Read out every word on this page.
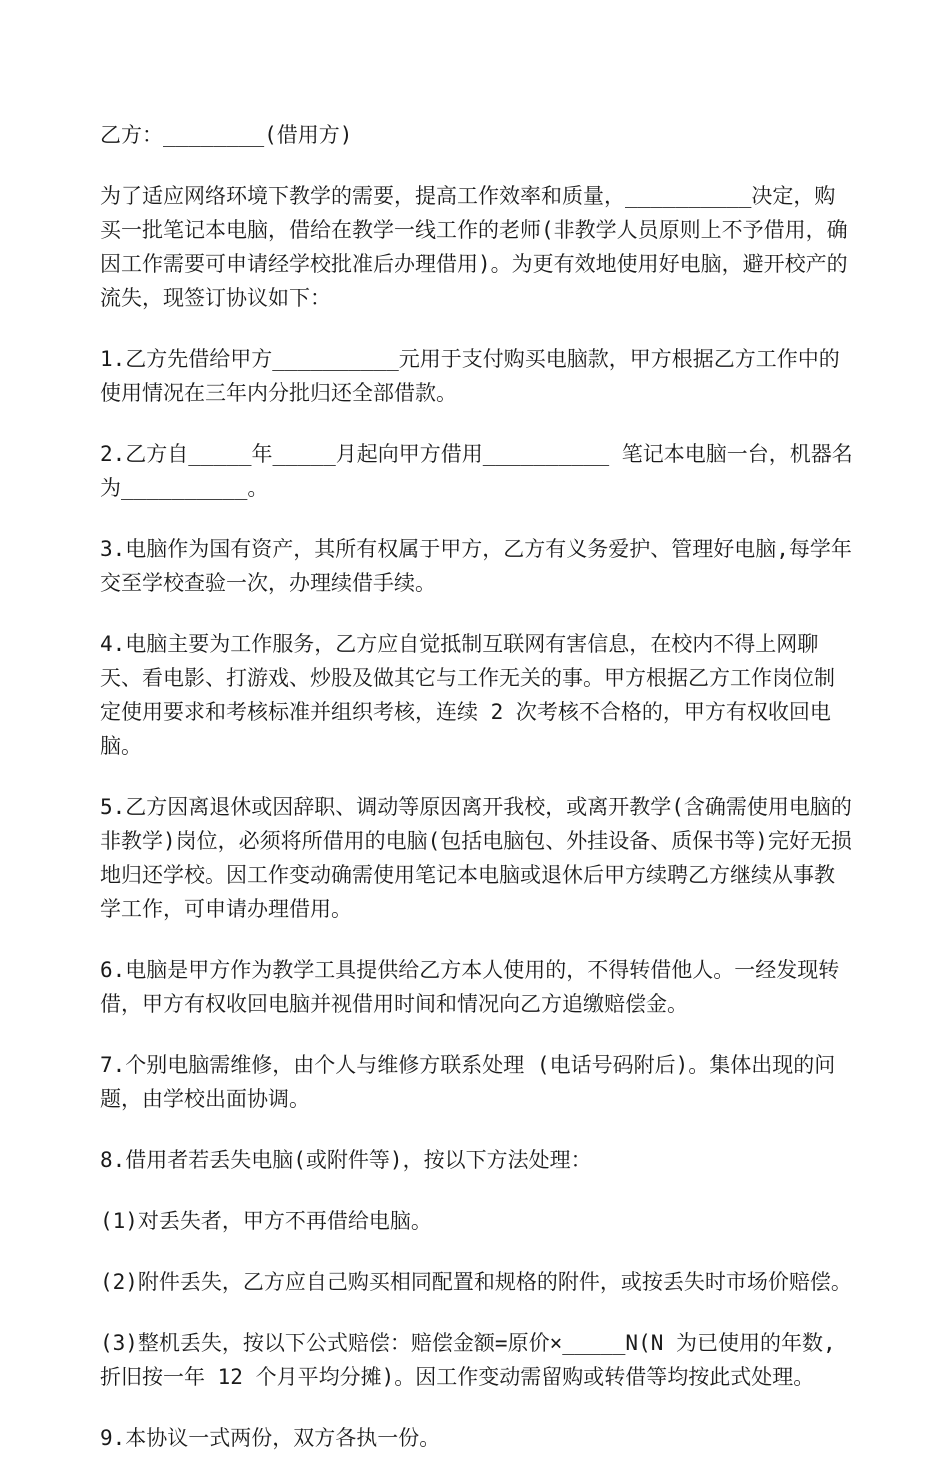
乙方：________(借用方)

为了适应网络环境下教学的需要，提高工作效率和质量，__________决定，购买一批笔记本电脑，借给在教学一线工作的老师(非教学人员原则上不予借用，确因工作需要可申请经学校批准后办理借用)。为更有效地使用好电脑，避开校产的流失，现签订协议如下：

1.乙方先借给甲方__________元用于支付购买电脑款，甲方根据乙方工作中的使用情况在三年内分批归还全部借款。

2.乙方自_____年_____月起向甲方借用__________ 笔记本电脑一台，机器名为__________。

3.电脑作为国有资产，其所有权属于甲方，乙方有义务爱护、管理好电脑,每学年交至学校查验一次，办理续借手续。

4.电脑主要为工作服务，乙方应自觉抵制互联网有害信息，在校内不得上网聊天、看电影、打游戏、炒股及做其它与工作无关的事。甲方根据乙方工作岗位制定使用要求和考核标准并组织考核，连续 2 次考核不合格的，甲方有权收回电脑。

5.乙方因离退休或因辞职、调动等原因离开我校，或离开教学(含确需使用电脑的非教学)岗位，必须将所借用的电脑(包括电脑包、外挂设备、质保书等)完好无损地归还学校。因工作变动确需使用笔记本电脑或退休后甲方续聘乙方继续从事教学工作，可申请办理借用。

6.电脑是甲方作为教学工具提供给乙方本人使用的，不得转借他人。一经发现转借，甲方有权收回电脑并视借用时间和情况向乙方追缴赔偿金。

7.个别电脑需维修，由个人与维修方联系处理 (电话号码附后)。集体出现的问题，由学校出面协调。

8.借用者若丢失电脑(或附件等)，按以下方法处理：

(1)对丢失者，甲方不再借给电脑。

(2)附件丢失，乙方应自己购买相同配置和规格的附件，或按丢失时市场价赔偿。

(3)整机丢失，按以下公式赔偿：赔偿金额=原价×_____N(N 为已使用的年数,折旧按一年 12 个月平均分摊)。因工作变动需留购或转借等均按此式处理。

9.本协议一式两份，双方各执一份。
